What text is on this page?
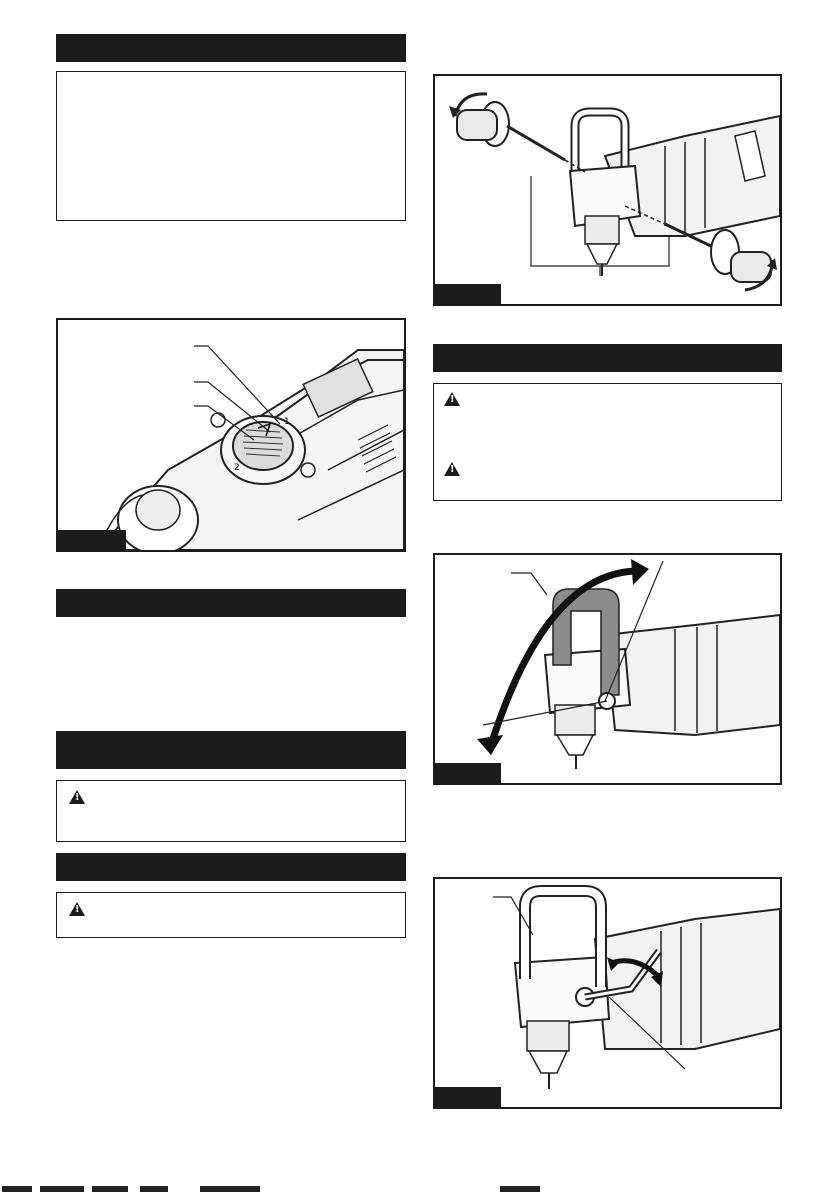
1
2
!
!
!
!
